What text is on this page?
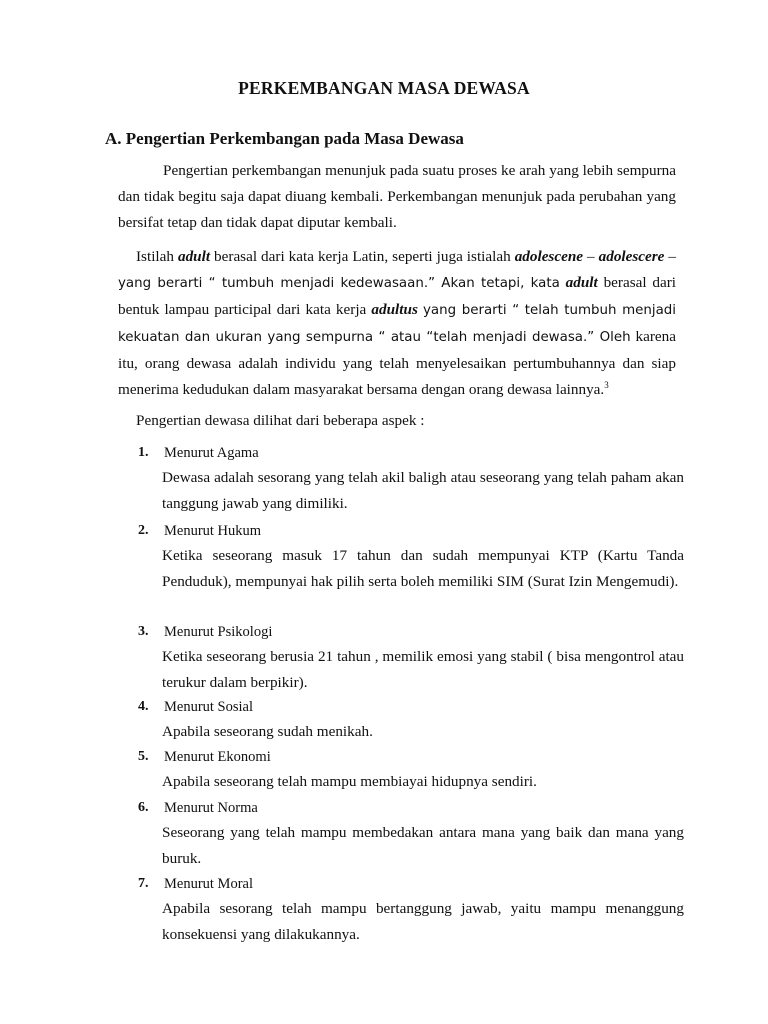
PERKEMBANGAN MASA DEWASA
A. Pengertian Perkembangan pada Masa Dewasa
Pengertian perkembangan menunjuk pada suatu proses ke arah yang lebih sempurna dan tidak begitu saja dapat diuang kembali. Perkembangan menunjuk pada perubahan yang bersifat tetap dan tidak dapat diputar kembali.
Istilah adult berasal dari kata kerja Latin, seperti juga istialah adolescene – adolescere – yang berarti “ tumbuh menjadi kedewasaan.” Akan tetapi, kata adult berasal dari bentuk lampau participal dari kata kerja adultus yang berarti “ telah tumbuh menjadi kekuatan dan ukuran yang sempurna “ atau “telah menjadi dewasa.” Oleh karena itu, orang dewasa adalah individu yang telah menyelesaikan pertumbuhannya dan siap menerima kedudukan dalam masyarakat bersama dengan orang dewasa lainnya.$^3$
Pengertian dewasa dilihat dari beberapa aspek :
1.	Menurut Agama
Dewasa adalah sesorang yang telah akil baligh atau seseorang yang telah paham akan tanggung jawab yang dimiliki.
2.	Menurut Hukum
Ketika seseorang masuk 17 tahun dan sudah mempunyai KTP (Kartu Tanda Penduduk), mempunyai hak pilih serta boleh memiliki SIM (Surat Izin Mengemudi).
3.	Menurut Psikologi
Ketika seseorang berusia 21 tahun , memilik emosi yang stabil ( bisa mengontrol atau terukur dalam berpikir).
4.	Menurut Sosial
Apabila seseorang sudah menikah.
5.	Menurut Ekonomi
Apabila seseorang telah mampu membiayai hidupnya sendiri.
6.	Menurut Norma
Seseorang yang telah mampu membedakan antara mana yang baik dan mana yang buruk.
7.	Menurut Moral
Apabila sesorang telah mampu bertanggung jawab, yaitu mampu menanggung konsekuensi yang dilakukannya.
